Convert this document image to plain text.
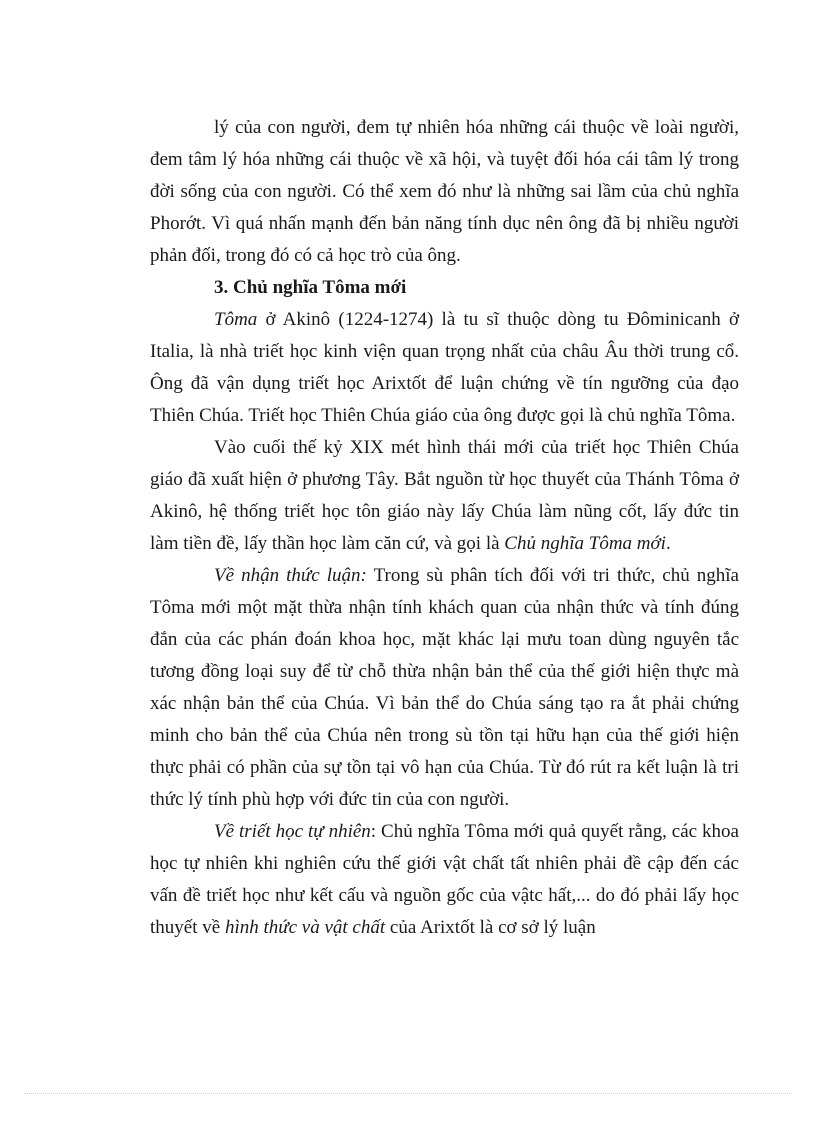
lý của con người, đem tự nhiên hóa những cái thuộc về loài người, đem tâm lý hóa những cái thuộc về xã hội, và tuyệt đối hóa cái tâm lý trong đời sống của con người. Có thể xem đó như là những sai lầm của chủ nghĩa Phorớt. Vì quá nhấn mạnh đến bản năng tính dục nên ông đã bị nhiều người phản đối, trong đó có cả học trò của ông.

3. Chủ nghĩa Tôma mới

Tôma ở Akinô (1224-1274) là tu sĩ thuộc dòng tu Đôminicanh ở Italia, là nhà triết học kinh viện quan trọng nhất của châu Âu thời trung cổ. Ông đã vận dụng triết học Arixtốt để luận chứng về tín ngưỡng của đạo Thiên Chúa. Triết học Thiên Chúa giáo của ông được gọi là chủ nghĩa Tôma.

Vào cuối thế kỷ XIX mét hình thái mới của triết học Thiên Chúa giáo đã xuất hiện ở phương Tây. Bắt nguồn từ học thuyết của Thánh Tôma ở Akinô, hệ thống triết học tôn giáo này lấy Chúa làm nũng cốt, lấy đức tin làm tiền đề, lấy thần học làm căn cứ, và gọi là Chủ nghĩa Tôma mới.

Về nhận thức luận: Trong sù phân tích đối với tri thức, chủ nghĩa Tôma mới một mặt thừa nhận tính khách quan của nhận thức và tính đúng đắn của các phán đoán khoa học, mặt khác lại mưu toan dùng nguyên tắc tương đồng loại suy để từ chỗ thừa nhận bản thể của thế giới hiện thực mà xác nhận bản thể của Chúa. Vì bản thể do Chúa sáng tạo ra ắt phải chứng minh cho bản thể của Chúa nên trong sù tồn tại hữu hạn của thế giới hiện thực phải có phần của sự tồn tại vô hạn của Chúa. Từ đó rút ra kết luận là tri thức lý tính phù hợp với đức tin của con người.

Về triết học tự nhiên: Chủ nghĩa Tôma mới quả quyết rằng, các khoa học tự nhiên khi nghiên cứu thế giới vật chất tất nhiên phải đề cập đến các vấn đề triết học như kết cấu và nguồn gốc của vậtc hất,... do đó phải lấy học thuyết về hình thức và vật chất của Arixtốt là cơ sở lý luận
